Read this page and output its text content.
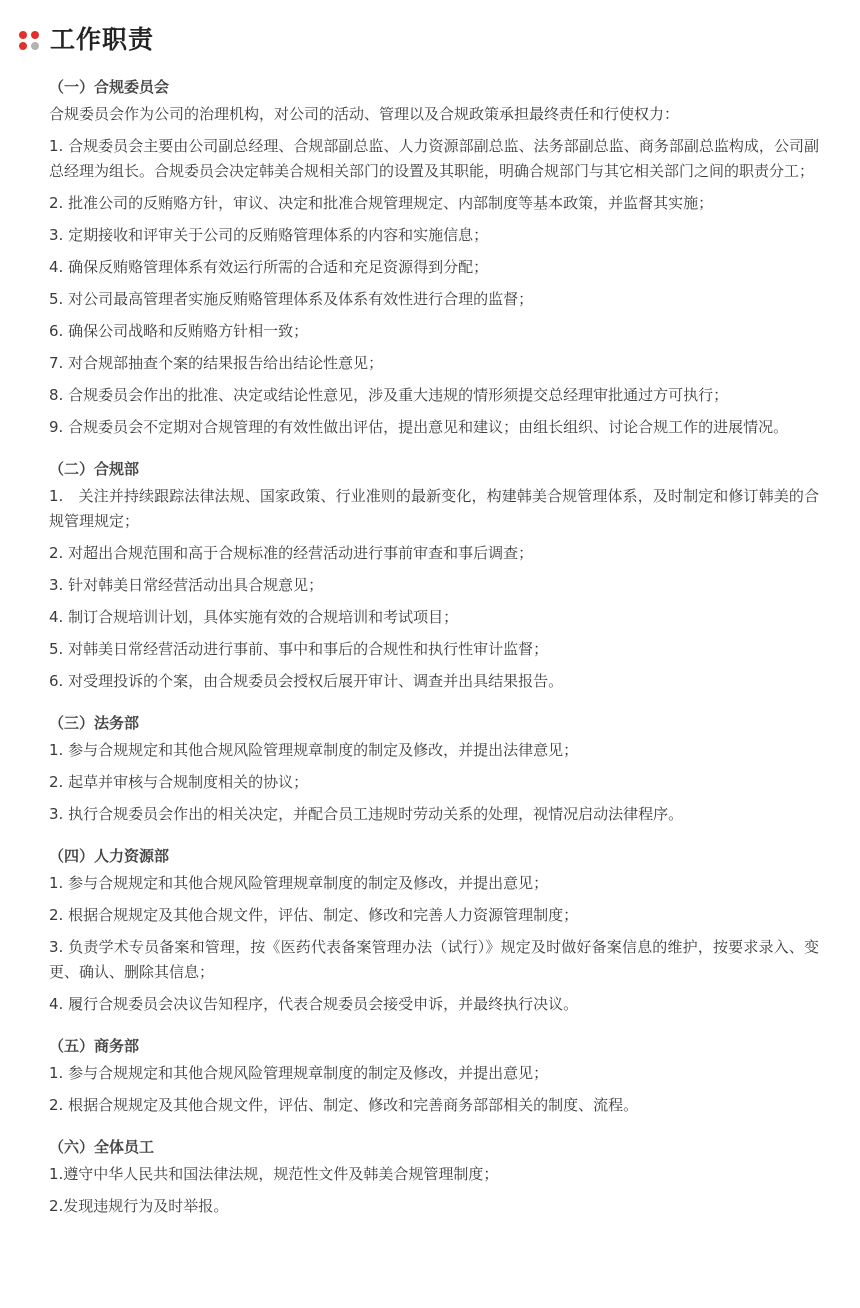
工作职责
（一）合规委员会

合规委员会作为公司的治理机构，对公司的活动、管理以及合规政策承担最终责任和行使权力：

1. 合规委员会主要由公司副总经理、合规部副总监、人力资源部副总监、法务部副总监、商务部副总监构成，公司副总经理为组长。合规委员会决定韩美合规相关部门的设置及其职能，明确合规部门与其它相关部门之间的职责分工；

2. 批准公司的反贿赂方针，审议、决定和批准合规管理规定、内部制度等基本政策，并监督其实施；

3. 定期接收和评审关于公司的反贿赂管理体系的内容和实施信息；

4. 确保反贿赂管理体系有效运行所需的合适和充足资源得到分配；

5. 对公司最高管理者实施反贿赂管理体系及体系有效性进行合理的监督；

6. 确保公司战略和反贿赂方针相一致；

7. 对合规部抽查个案的结果报告给出结论性意见；

8. 合规委员会作出的批准、决定或结论性意见，涉及重大违规的情形须提交总经理审批通过方可执行；

9. 合规委员会不定期对合规管理的有效性做出评估，提出意见和建议；由组长组织、讨论合规工作的进展情况。

（二）合规部

1.　关注并持续跟踪法律法规、国家政策、行业准则的最新变化，构建韩美合规管理体系，及时制定和修订韩美的合规管理规定；

2. 对超出合规范围和高于合规标准的经营活动进行事前审查和事后调查；

3. 针对韩美日常经营活动出具合规意见；

4. 制订合规培训计划，具体实施有效的合规培训和考试项目；

5. 对韩美日常经营活动进行事前、事中和事后的合规性和执行性审计监督；

6. 对受理投诉的个案，由合规委员会授权后展开审计、调查并出具结果报告。

（三）法务部

1. 参与合规规定和其他合规风险管理规章制度的制定及修改，并提出法律意见；

2. 起草并审核与合规制度相关的协议；

3. 执行合规委员会作出的相关决定，并配合员工违规时劳动关系的处理，视情况启动法律程序。

（四）人力资源部

1. 参与合规规定和其他合规风险管理规章制度的制定及修改，并提出意见；

2. 根据合规规定及其他合规文件，评估、制定、修改和完善人力资源管理制度；

3. 负责学术专员备案和管理，按《医药代表备案管理办法（试行）》规定及时做好备案信息的维护，按要求录入、变更、确认、删除其信息；

4. 履行合规委员会决议告知程序，代表合规委员会接受申诉，并最终执行决议。

（五）商务部

1. 参与合规规定和其他合规风险管理规章制度的制定及修改，并提出意见；

2. 根据合规规定及其他合规文件，评估、制定、修改和完善商务部部相关的制度、流程。

（六）全体员工

1.遵守中华人民共和国法律法规，规范性文件及韩美合规管理制度；

2.发现违规行为及时举报。
